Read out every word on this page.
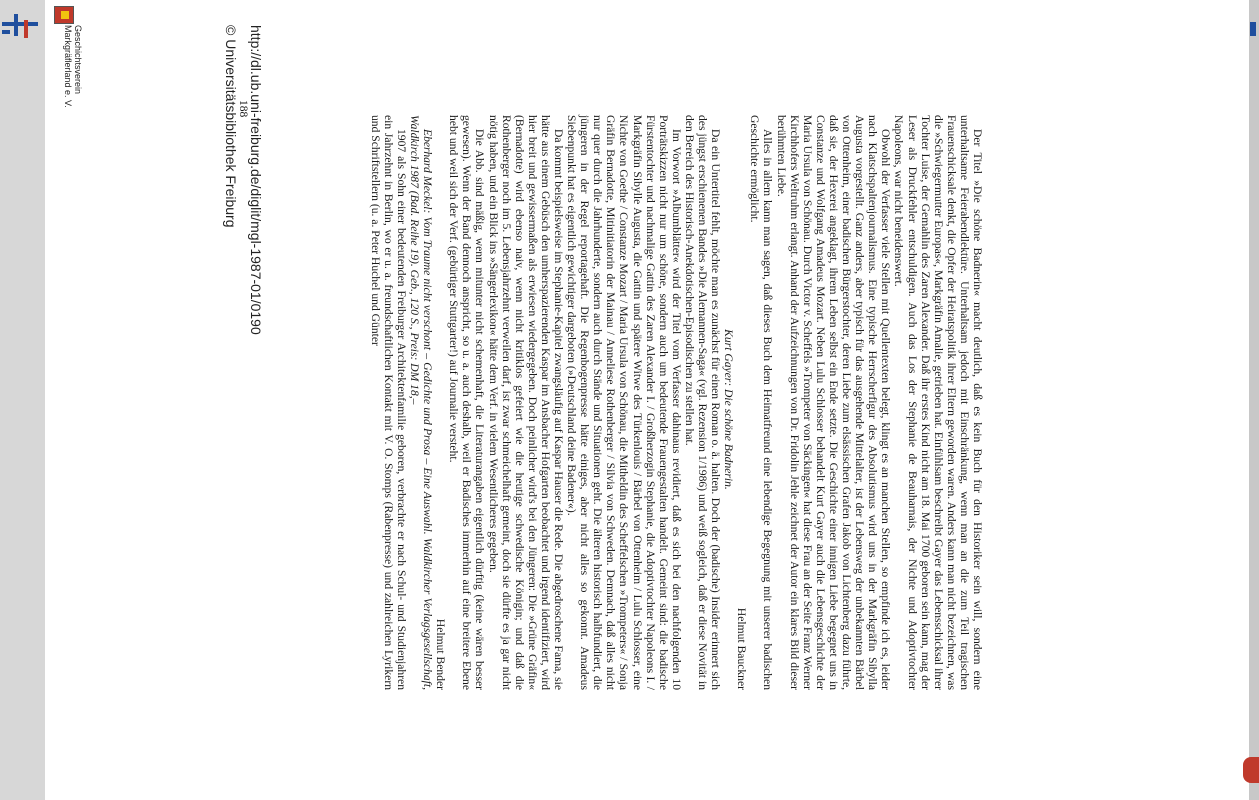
Der Titel »Die schöne Badnerin« macht deutlich, daß es kein Buch für den Historiker sein will, sondern eine unterhaltsame Feierabendlektüre. Unterhaltsam jedoch mit Einschränkung, wenn man an die zum Teil tragischen Frauenschicksale denkt, die Opfer der Heiratspolitik ihrer Eltern geworden waren. Anders kann man nicht bezeichnen, was die »Schwiegermutter Europas«, Markgräfin Amalie, getrieben hat. Einfühlsam beschreibt Gayer das Lebensschicksal ihrer Tochter Luise, der Gemahlin des Zaren Alexander. Daß ihr erstes Kind nicht am 18. Mai 1700 geboren sein kann, mag der Leser als Druckfehler entschuldigen. Auch das Los der Stephanie de Beauharnais, der Nichte und Adoptivtochter Napoleons, war nicht beneidenswert.

Obwohl der Verfasser viele Stellen mit Quellentexten belegt, klingt es an manchen Stellen, so empfinde ich es, leider nach Klatschspaltenjournalismus. Eine typische Herrscherfigur des Absolutismus wird uns in der Markgräfin Sibylla Augusta vorgestellt. Ganz anders, aber typisch für das ausgehende Mittelalter, ist der Lebensweg der unbekannten Bärbel von Ottenheim, einer badischen Bürgerstochter, deren Liebe zum elsässischen Grafen Jakob von Lichtenberg dazu führte, daß sie, der Hexerei angeklagt, ihrem Leben selbst ein Ende setzte. Die Geschichte einer innigen Liebe begegnet uns in Constanze und Wolfgang Amadeus Mozart. Neben Lulu Schlosser behandelt Kurt Gayer auch die Lebensgeschichte der Maria Ursula von Schönau. Durch Victor v. Scheffels »Trompeter von Säckingen« hat diese Frau an der Seite Franz Werner Kirchhofers Weltruhm erlangt. Anhand der Aufzeichnungen von Dr. Fridolin Jehle zeichnet der Autor ein klares Bild dieser berühmten Liebe.

Alles in allem kann man sagen, daß dieses Buch dem Heimatfreund eine lebendige Begegnung mit unserer badischen Geschichte ermöglicht.

Helmut Bauckner

Kurt Gayer: Die schöne Badnerin.

Da ein Untertitel fehlt, möchte man es zunächst für einen Roman o. ä. halten. Doch der (badische) Insider erinnert sich des jüngst erschienenen Bandes »Die Alemannen-Saga« (vgl. Rezension 1/1986) und weiß sogleich, daß er diese Novität in den Bereich des Historisch-Anekdotischen-Episodischen zu stellen hat.

Im Vorwort »Albumblätter« wird der Titel vom Verfasser dahinaus revidiert, daß es sich bei den nachfolgenden 10 Porträtskizzen nicht nur um schöne, sondern auch um bedeutende Frauengestalten handelt. Gemeint sind: die badische Fürstentochter und nachmalige Gattin des Zaren Alexander I. / Großherzogin Stephanie, die Adoptivtochter Napoleons I. / Markgräfin Sibylle Augusta, die Gattin und spätere Witwe des Türkenlouis / Bärbel von Ottenheim / Lulu Schlosser, eine Nichte von Goethe / Constanze Mozart / Maria Ursula von Schönau, die Mitheldin des Scheffelschen »Trompeters« / Sonja Gräfin Bernadotte, Mitinitiatorin der Mainau / Anneliese Rothenberger / Silvia von Schweden. Demnach, daß alles nicht nur quer durch die Jahrhunderte, sondern auch durch Stände und Situationen geht. Die älteren historisch halbfundiert, die jüngeren in der Regel reportagehaft. Die Regenbogenpresse hätte einiges, aber nicht alles so gekonnt. Amadeus Siebenpunkt hat es eigentlich gewichtiger dargeboten (»Deutschland deine Badener«).

Da kommt beispielsweise im Stephanie-Kapitel zwangsläufig auf Kaspar Hauser die Rede. Die abgedroschene Fama, sie hätte aus einem Gebüsch den umherspazierenden Kaspar im Ansbacher Hofgarten beobachtet und irgend identifiziert, wird hier breit und gewissermaßen als erwiesen wiedergegeben. Doch peinlicher wird's bei den Jüngeren: Die »Grüne Gräfin« (Bernadotte) wird ebenso naiv, wenn nicht kritiklos gefeiert wie die heutige schwedische Königin; und daß die Rothenberger noch im 5. Lebensjahrzehnt verweilen darf, ist zwar schmeichelhaft gemeint, doch sie dürfte es ja gar nicht nötig haben, und ein Blick ins »Sängerlexikon« hätte dem Verf. in vielem Wesentlicheres gegeben.

Die Abb. sind mäßig, wenn mitunter nicht schemenhaft, die Literaturangaben eigentlich dürftig (keine wären besser gewesen). Wenn der Band dennoch anspricht, so u. a. auch deshalb, weil er Badisches immerhin auf eine breitere Ebene hebt und weil sich der Verf. (gebürtiger Stuttgarter!) auf Journalie versteht.

Helmut Bender

Eberhard Meckel: Vom Traume nicht verschont – Gedichte und Prosa – Eine Auswahl. Waldkircher Verlagsgesellschaft, Waldkirch 1987 (Bad. Reihe 19). Geb., 120 S., Preis: DM 18,–

1907 als Sohn einer bedeutenden Freiburger Architektenfamilie geboren, verbrachte er nach Schul- und Studienjahren ein Jahrzehnt in Berlin, wo er u. a. freundschaftlichen Kontakt mit V. O. Stomps (Rabenpresse) und zahlreichen Lyrikern und Schriftstellern (u. a. Peter Huchel und Günter

188 http://dl.ub.uni-freiburg.de/diglit/mgl-1987-01/0190
© Universitätsbibliothek Freiburg
Geschichtsverein
Markgräflerland e. V.
